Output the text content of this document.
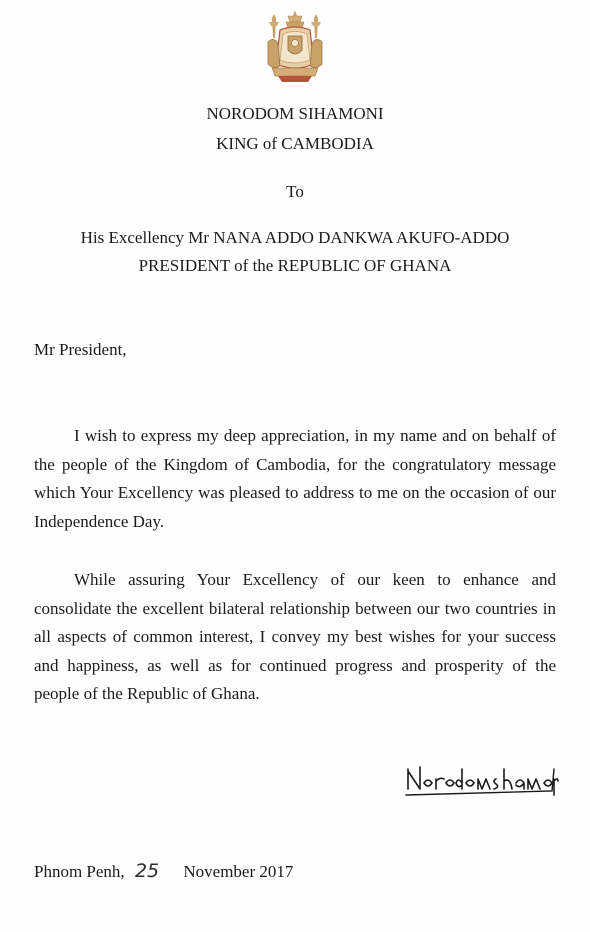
NORODOM SIHAMONI
KING of CAMBODIA
To
His Excellency Mr NANA ADDO DANKWA AKUFO-ADDO
PRESIDENT of the REPUBLIC OF GHANA
Mr President,

I wish to express my deep appreciation, in my name and on behalf of the people of the Kingdom of Cambodia, for the congratulatory message which Your Excellency was pleased to address to me on the occasion of our Independence Day.

While assuring Your Excellency of our keen to enhance and consolidate the excellent bilateral relationship between our two countries in all aspects of common interest, I convey my best wishes for your success and happiness, as well as for continued progress and prosperity of the people of the Republic of Ghana.

Phnom Penh, 25 November 2017
